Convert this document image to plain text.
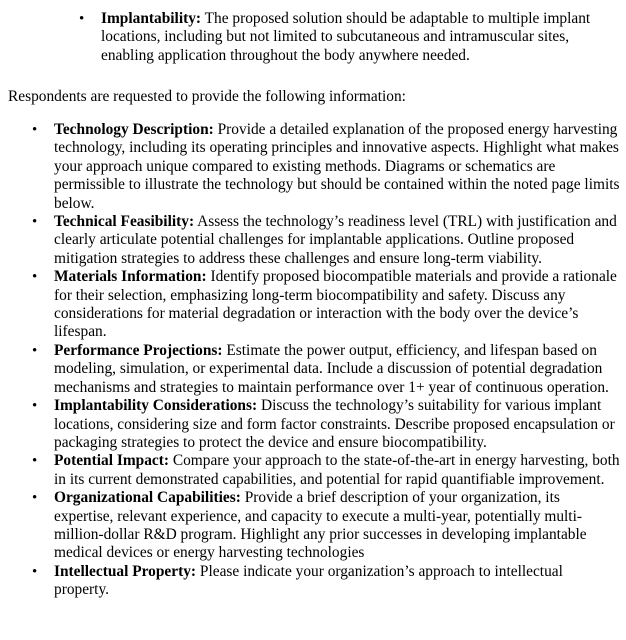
• Implantability: The proposed solution should be adaptable to multiple implant locations, including but not limited to subcutaneous and intramuscular sites, enabling application throughout the body anywhere needed.

Respondents are requested to provide the following information:

• Technology Description: Provide a detailed explanation of the proposed energy harvesting technology, including its operating principles and innovative aspects. Highlight what makes your approach unique compared to existing methods. Diagrams or schematics are permissible to illustrate the technology but should be contained within the noted page limits below.
• Technical Feasibility: Assess the technology’s readiness level (TRL) with justification and clearly articulate potential challenges for implantable applications. Outline proposed mitigation strategies to address these challenges and ensure long-term viability.
• Materials Information: Identify proposed biocompatible materials and provide a rationale for their selection, emphasizing long-term biocompatibility and safety. Discuss any considerations for material degradation or interaction with the body over the device’s lifespan.
• Performance Projections: Estimate the power output, efficiency, and lifespan based on modeling, simulation, or experimental data. Include a discussion of potential degradation mechanisms and strategies to maintain performance over 1+ year of continuous operation.
• Implantability Considerations: Discuss the technology’s suitability for various implant locations, considering size and form factor constraints. Describe proposed encapsulation or packaging strategies to protect the device and ensure biocompatibility.
• Potential Impact: Compare your approach to the state-of-the-art in energy harvesting, both in its current demonstrated capabilities, and potential for rapid quantifiable improvement.
• Organizational Capabilities: Provide a brief description of your organization, its expertise, relevant experience, and capacity to execute a multi-year, potentially multi-million-dollar R&D program. Highlight any prior successes in developing implantable medical devices or energy harvesting technologies
• Intellectual Property: Please indicate your organization’s approach to intellectual property.
